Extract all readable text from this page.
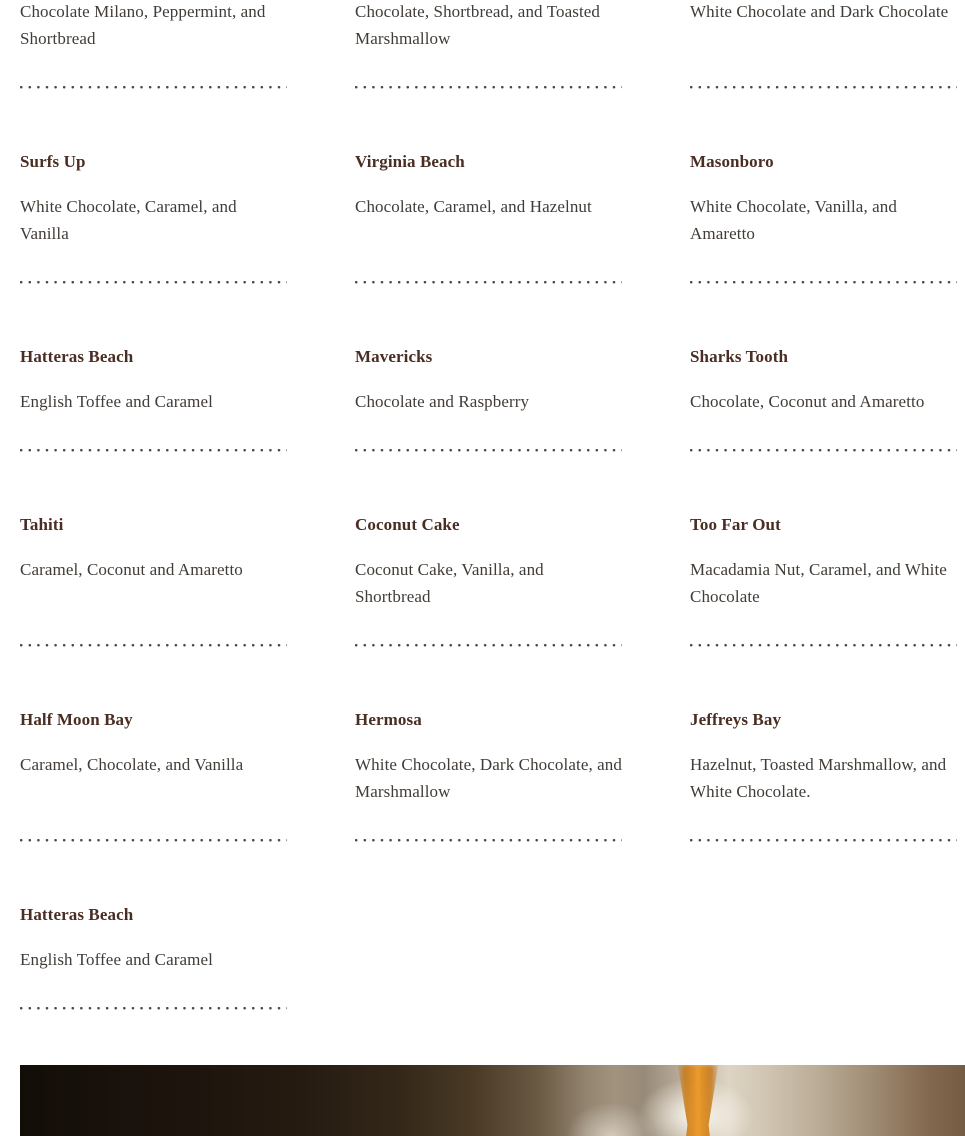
Chocolate Milano, Peppermint, and Shortbread

Chocolate, Shortbread, and Toasted Marshmallow

White Chocolate and Dark Chocolate

Surfs Up

White Chocolate, Caramel, and Vanilla

Virginia Beach

Chocolate, Caramel, and Hazelnut

Masonboro

White Chocolate, Vanilla, and Amaretto

Hatteras Beach

English Toffee and Caramel

Mavericks

Chocolate and Raspberry

Sharks Tooth

Chocolate, Coconut and Amaretto

Tahiti

Caramel, Coconut and Amaretto

Coconut Cake

Coconut Cake, Vanilla, and Shortbread

Too Far Out

Macadamia Nut, Caramel, and White Chocolate

Half Moon Bay

Caramel, Chocolate, and Vanilla

Hermosa

White Chocolate, Dark Chocolate, and Marshmallow

Jeffreys Bay

Hazelnut, Toasted Marshmallow, and White Chocolate.

Hatteras Beach

English Toffee and Caramel
